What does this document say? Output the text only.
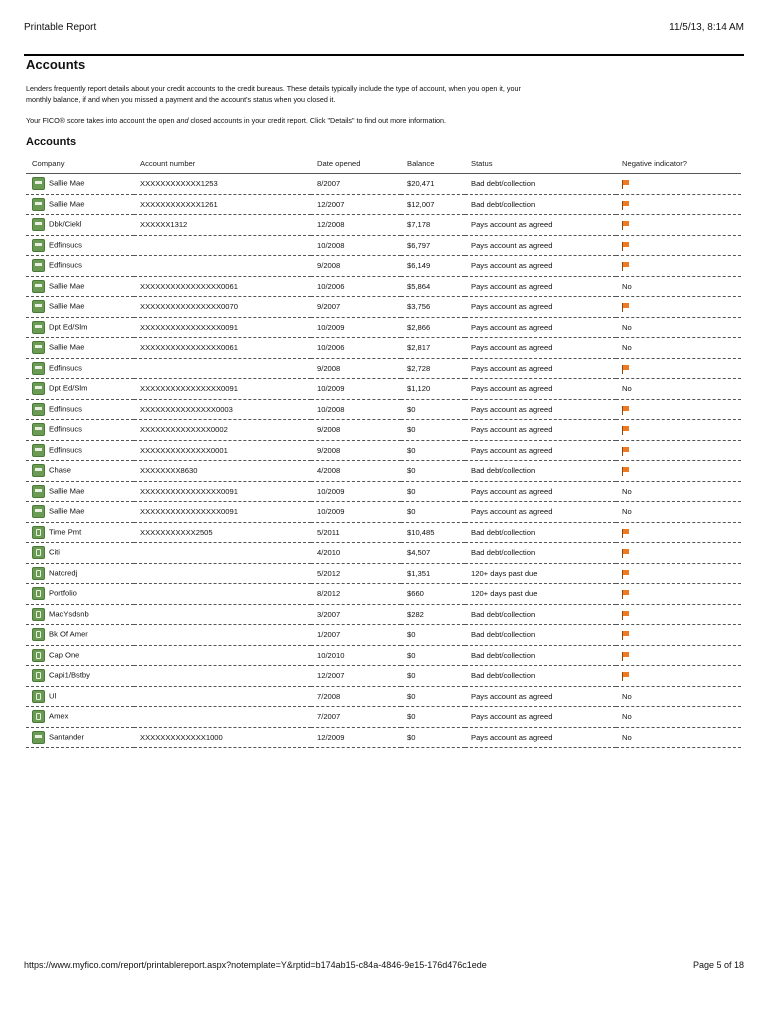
Printable Report	11/5/13, 8:14 AM
Accounts

Lenders frequently report details about your credit accounts to the credit bureaus. These details typically include the type of account, when you open it, your monthly balance, if and when you missed a payment and the account's status when you closed it.

Your FICO® score takes into account the open and closed accounts in your credit report. Click "Details" to find out more information.

Accounts
Company	Account number	Date opened	Balance	Status	Negative indicator?
Sallie Mae	XXXXXXXXXXXX1253	8/2007	$20,471	Bad debt/collection	
Sallie Mae	XXXXXXXXXXXX1261	12/2007	$12,007	Bad debt/collection	
Dbk/Ciekl	XXXXXX1312	12/2008	$7,178	Pays account as agreed	
Edfinsucs		10/2008	$6,797	Pays account as agreed	
Edfinsucs		9/2008	$6,149	Pays account as agreed	
Sallie Mae	XXXXXXXXXXXXXXXX0061	10/2006	$5,864	Pays account as agreed	No
Sallie Mae	XXXXXXXXXXXXXXXX0070	9/2007	$3,756	Pays account as agreed	
Dpt Ed/Slm	XXXXXXXXXXXXXXXX0091	10/2009	$2,866	Pays account as agreed	No
Sallie Mae	XXXXXXXXXXXXXXXX0061	10/2006	$2,817	Pays account as agreed	No
Edfinsucs		9/2008	$2,728	Pays account as agreed	
Dpt Ed/Slm	XXXXXXXXXXXXXXXX0091	10/2009	$1,120	Pays account as agreed	No
Edfinsucs	XXXXXXXXXXXXXXX0003	10/2008	$0	Pays account as agreed	
Edfinsucs	XXXXXXXXXXXXXX0002	9/2008	$0	Pays account as agreed	
Edfinsucs	XXXXXXXXXXXXXX0001	9/2008	$0	Pays account as agreed	
Chase	XXXXXXXX8630	4/2008	$0	Bad debt/collection	
Sallie Mae	XXXXXXXXXXXXXXXX0091	10/2009	$0	Pays account as agreed	No
Sallie Mae	XXXXXXXXXXXXXXXX0091	10/2009	$0	Pays account as agreed	No
Time Pmt	XXXXXXXXXXX2505	5/2011	$10,485	Bad debt/collection	
Citi		4/2010	$4,507	Bad debt/collection	
Natcredj		5/2012	$1,351	120+ days past due	
Portfolio		8/2012	$660	120+ days past due	
MacYsdsnb		3/2007	$282	Bad debt/collection	
Bk Of Amer		1/2007	$0	Bad debt/collection	
Cap One		10/2010	$0	Bad debt/collection	
Capi1/Bstby		12/2007	$0	Bad debt/collection	
Ul		7/2008	$0	Pays account as agreed	No
Amex		7/2007	$0	Pays account as agreed	No
Santander	XXXXXXXXXXXXX1000	12/2009	$0	Pays account as agreed	No
https://www.myfico.com/report/printablereport.aspx?notemplate=Y&rptid=b174ab15-c84a-4846-9e15-176d476c1ede	Page 5 of 18
